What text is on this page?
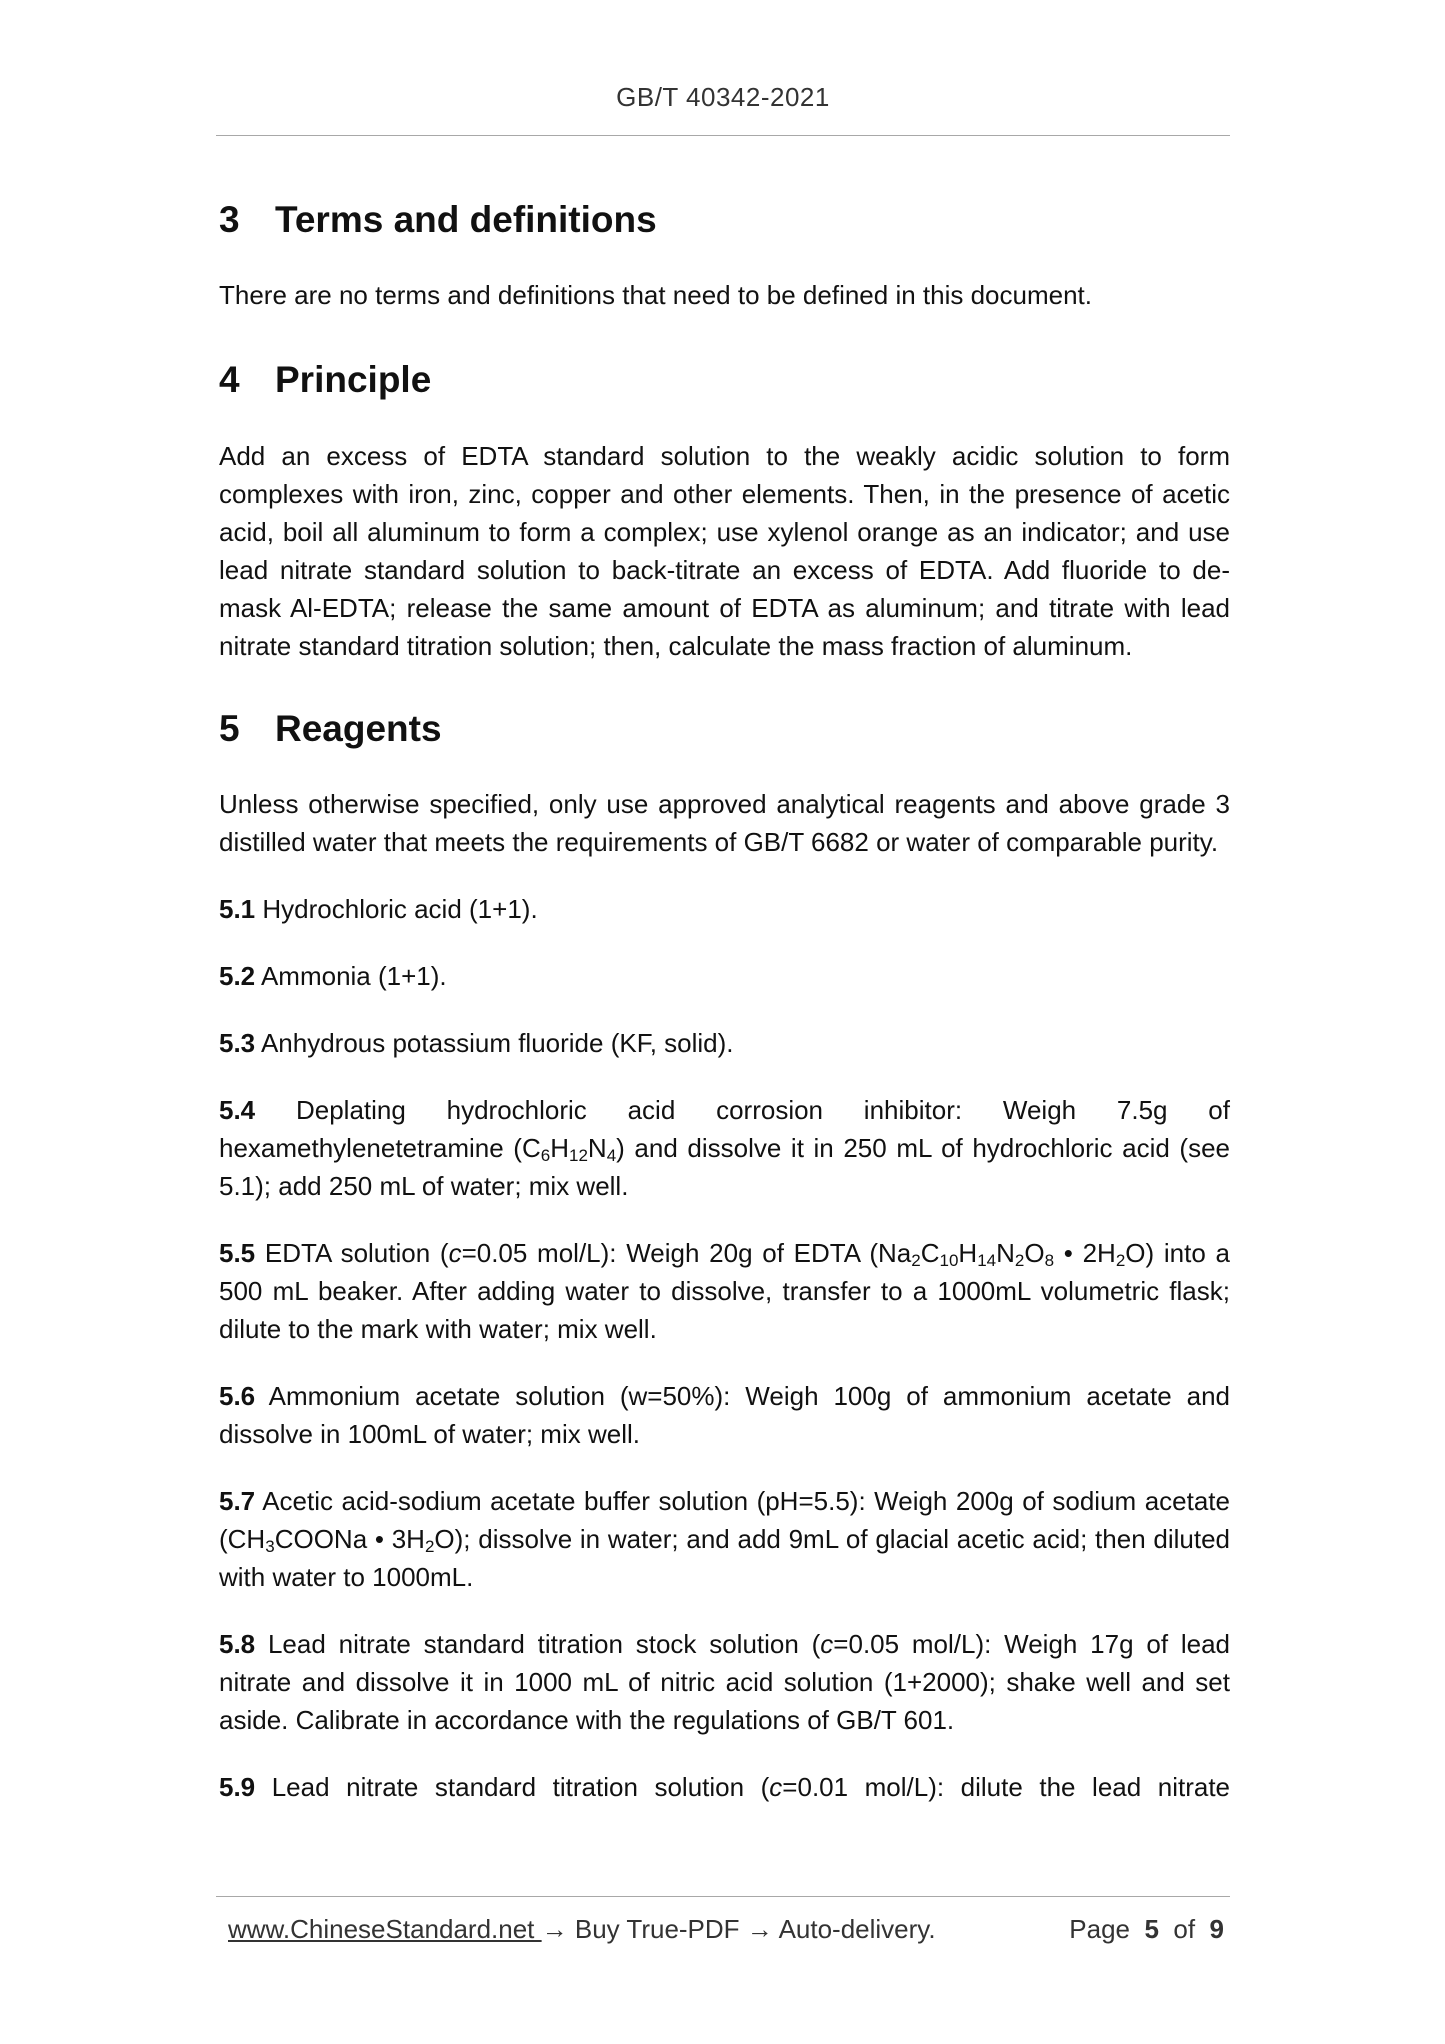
GB/T 40342-2021
3 Terms and definitions

There are no terms and definitions that need to be defined in this document.

4 Principle

Add an excess of EDTA standard solution to the weakly acidic solution to form complexes with iron, zinc, copper and other elements. Then, in the presence of acetic acid, boil all aluminum to form a complex; use xylenol orange as an indicator; and use lead nitrate standard solution to back-titrate an excess of EDTA. Add fluoride to de-mask Al-EDTA; release the same amount of EDTA as aluminum; and titrate with lead nitrate standard titration solution; then, calculate the mass fraction of aluminum.

5 Reagents

Unless otherwise specified, only use approved analytical reagents and above grade 3 distilled water that meets the requirements of GB/T 6682 or water of comparable purity.

5.1 Hydrochloric acid (1+1).

5.2 Ammonia (1+1).

5.3 Anhydrous potassium fluoride (KF, solid).

5.4 Deplating hydrochloric acid corrosion inhibitor: Weigh 7.5g of hexamethylenetetramine $(C_6H_{12}N_4)$ and dissolve it in 250 mL of hydrochloric acid (see 5.1); add 250 mL of water; mix well.

5.5 EDTA solution (c=0.05 mol/L): Weigh 20g of EDTA ($Na_2C_{10}H_{14}N_2O_8$ • $2H_2O$) into a 500 mL beaker. After adding water to dissolve, transfer to a 1000mL volumetric flask; dilute to the mark with water; mix well.

5.6 Ammonium acetate solution (w=50%): Weigh 100g of ammonium acetate and dissolve in 100mL of water; mix well.

5.7 Acetic acid-sodium acetate buffer solution (pH=5.5): Weigh 200g of sodium acetate ($CH_3COONa$ • $3H_2O$); dissolve in water; and add 9mL of glacial acetic acid; then diluted with water to 1000mL.

5.8 Lead nitrate standard titration stock solution (c=0.05 mol/L): Weigh 17g of lead nitrate and dissolve it in 1000 mL of nitric acid solution (1+2000); shake well and set aside. Calibrate in accordance with the regulations of GB/T 601.

5.9 Lead nitrate standard titration solution (c=0.01 mol/L): dilute the lead nitrate

www.ChineseStandard.net → Buy True-PDF → Auto-delivery.	Page 5 of 9
